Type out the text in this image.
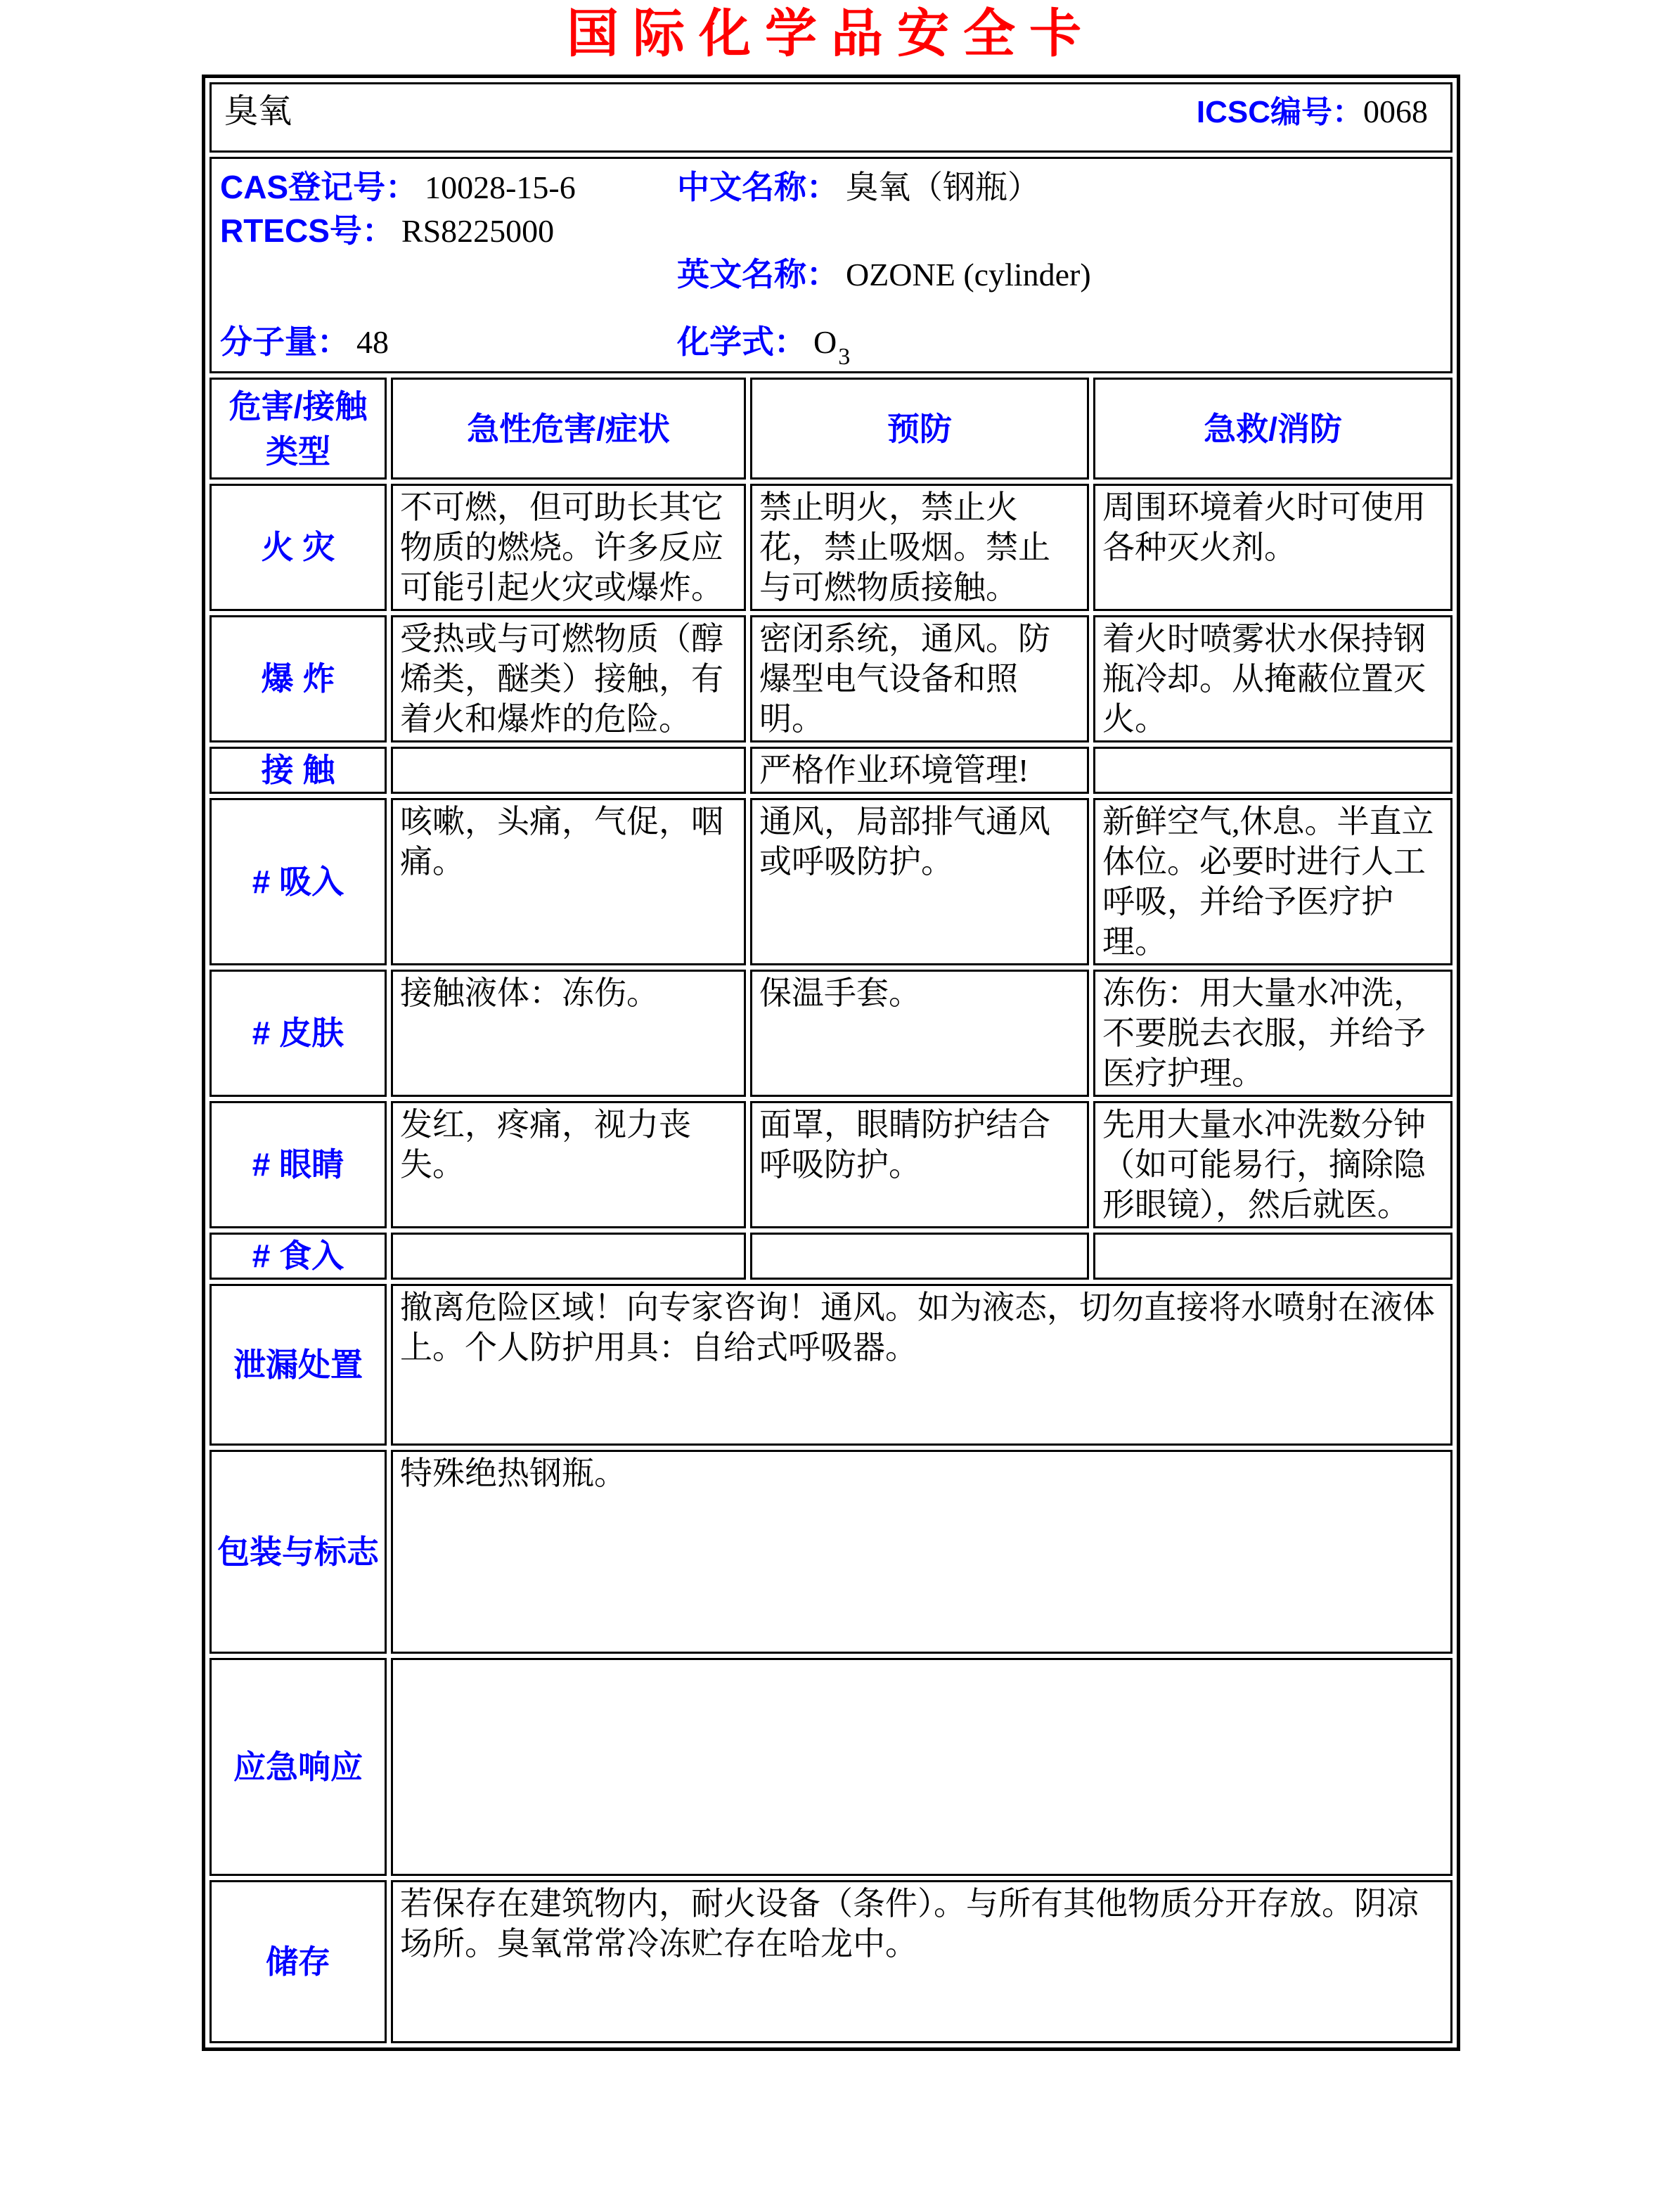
国际化学品安全卡
臭氧 ICSC编号：0068			

CAS登记号： 10028-15-6	中文名称： 臭氧（钢瓶）
RTECS号： RS8225000
英文名称： OZONE (cylinder)
分子量： 48	化学式： $O_3$

危害/接触类型	急性危害/症状	预防	急救/消防
火 灾	不可燃，但可助长其它物质的燃烧。许多反应可能引起火灾或爆炸。	禁止明火，禁止火花，禁止吸烟。禁止与可燃物质接触。	周围环境着火时可使用各种灭火剂。
爆 炸	受热或与可燃物质（醇烯类，醚类）接触，有着火和爆炸的危险。	密闭系统，通风。防爆型电气设备和照明。	着火时喷雾状水保持钢瓶冷却。从掩蔽位置灭火。
接 触		严格作业环境管理!	
# 吸入	咳嗽，头痛，气促，咽痛。	通风，局部排气通风或呼吸防护。	新鲜空气,休息。半直立体位。必要时进行人工呼吸，并给予医疗护理。
# 皮肤	接触液体：冻伤。	保温手套。	冻伤：用大量水冲洗，不要脱去衣服，并给予医疗护理。
# 眼睛	发红，疼痛，视力丧失。	面罩，眼睛防护结合呼吸防护。	先用大量水冲洗数分钟（如可能易行，摘除隐形眼镜），然后就医。
# 食入			
泄漏处置	撤离危险区域！向专家咨询！通风。如为液态，切勿直接将水喷射在液体上。个人防护用具：自给式呼吸器。		
包装与标志	特殊绝热钢瓶。		
应急响应			
储存	若保存在建筑物内，耐火设备（条件）。与所有其他物质分开存放。阴凉场所。臭氧常常冷冻贮存在哈龙中。		
